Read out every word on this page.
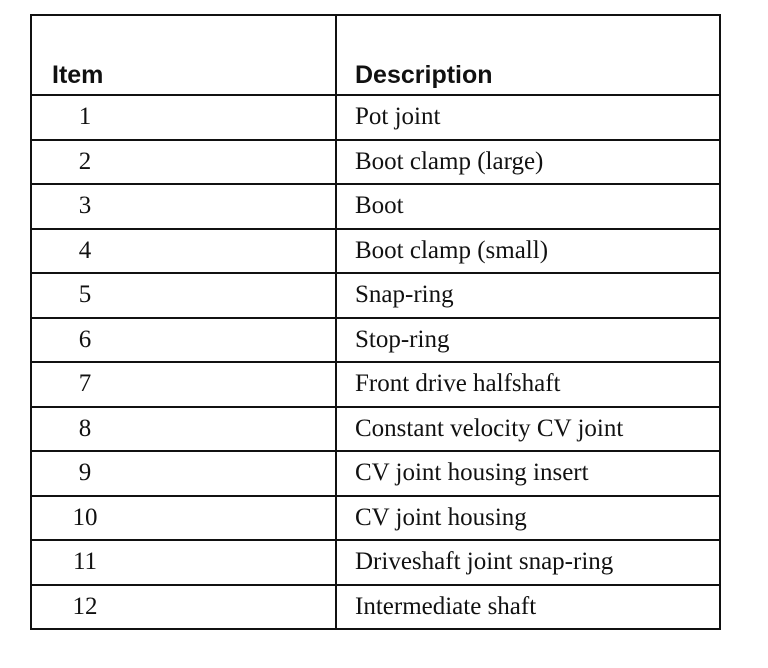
Item	Description
1	Pot joint
2	Boot clamp (large)
3	Boot
4	Boot clamp (small)
5	Snap-ring
6	Stop-ring
7	Front drive halfshaft
8	Constant velocity CV joint
9	CV joint housing insert
10	CV joint housing
11	Driveshaft joint snap-ring
12	Intermediate shaft
